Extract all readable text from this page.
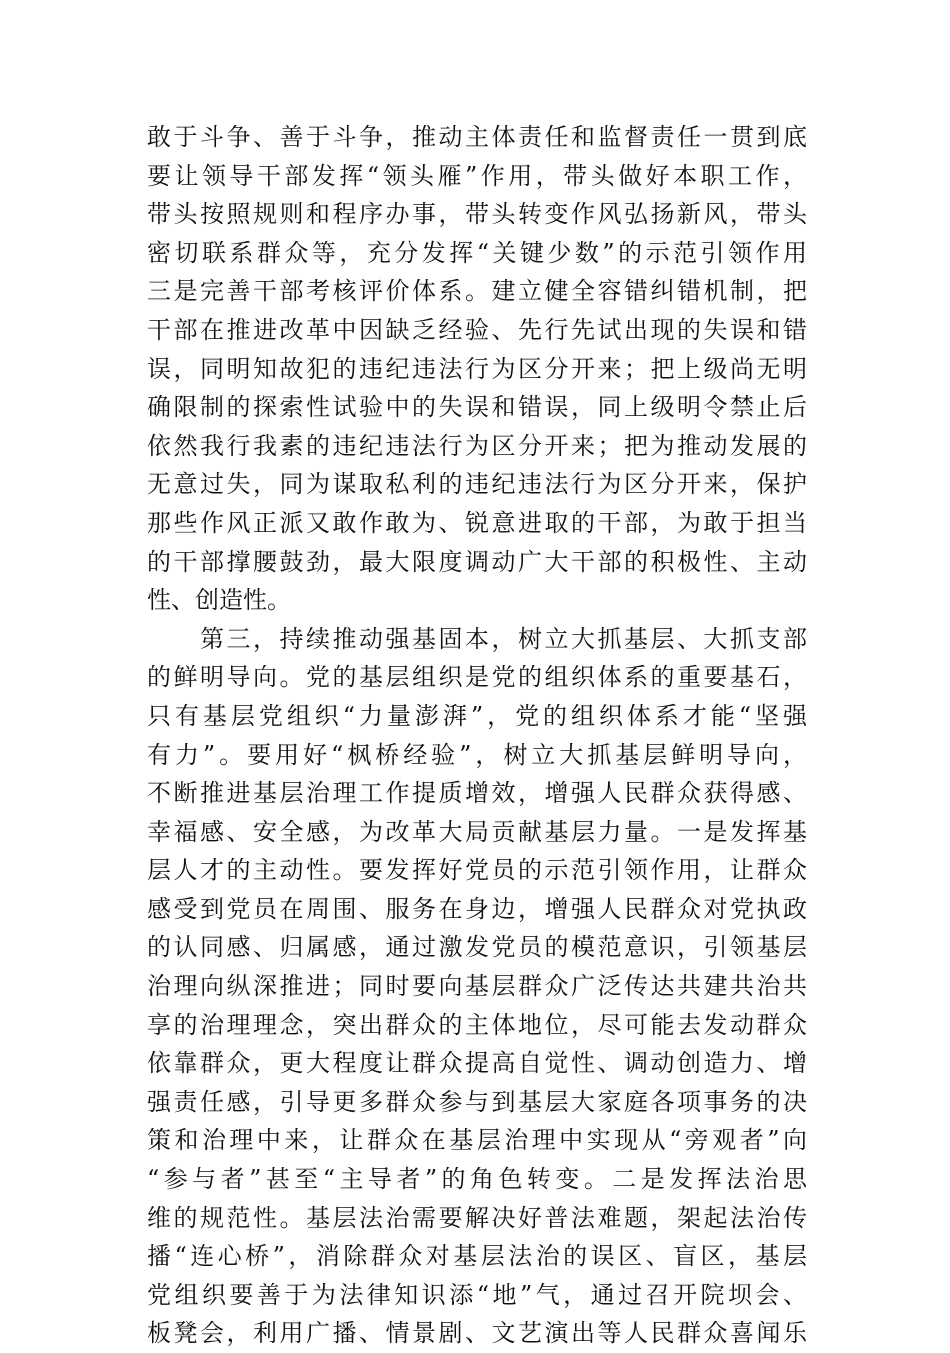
敢于斗争、善于斗争，推动主体责任和监督责任一贯到底
要让领导干部发挥“领头雁”作用，带头做好本职工作，
带头按照规则和程序办事，带头转变作风弘扬新风，带头
密切联系群众等，充分发挥“关键少数”的示范引领作用
三是完善干部考核评价体系。建立健全容错纠错机制，把
干部在推进改革中因缺乏经验、先行先试出现的失误和错
误，同明知故犯的违纪违法行为区分开来；把上级尚无明
确限制的探索性试验中的失误和错误，同上级明令禁止后
依然我行我素的违纪违法行为区分开来；把为推动发展的
无意过失，同为谋取私利的违纪违法行为区分开来，保护
那些作风正派又敢作敢为、锐意进取的干部，为敢于担当
的干部撑腰鼓劲，最大限度调动广大干部的积极性、主动
性、创造性。
　　第三，持续推动强基固本，树立大抓基层、大抓支部
的鲜明导向。党的基层组织是党的组织体系的重要基石，
只有基层党组织“力量澎湃”，党的组织体系才能“坚强
有力”。要用好“枫桥经验”，树立大抓基层鲜明导向，
不断推进基层治理工作提质增效，增强人民群众获得感、
幸福感、安全感，为改革大局贡献基层力量。一是发挥基
层人才的主动性。要发挥好党员的示范引领作用，让群众
感受到党员在周围、服务在身边，增强人民群众对党执政
的认同感、归属感，通过激发党员的模范意识，引领基层
治理向纵深推进；同时要向基层群众广泛传达共建共治共
享的治理理念，突出群众的主体地位，尽可能去发动群众
依靠群众，更大程度让群众提高自觉性、调动创造力、增
强责任感，引导更多群众参与到基层大家庭各项事务的决
策和治理中来，让群众在基层治理中实现从“旁观者”向
“参与者”甚至“主导者”的角色转变。二是发挥法治思
维的规范性。基层法治需要解决好普法难题，架起法治传
播“连心桥”，消除群众对基层法治的误区、盲区，基层
党组织要善于为法律知识添“地”气，通过召开院坝会、
板凳会，利用广播、情景剧、文艺演出等人民群众喜闻乐
